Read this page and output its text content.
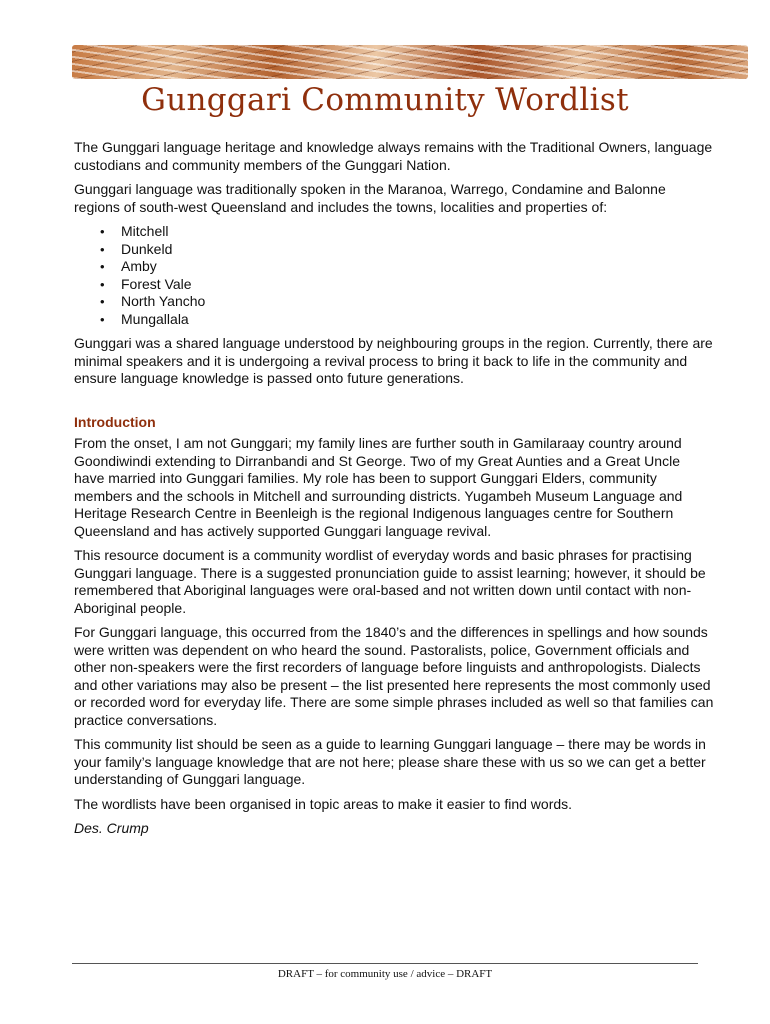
Gunggari Community Wordlist

The Gunggari language heritage and knowledge always remains with the Traditional Owners, language custodians and community members of the Gunggari Nation.

Gunggari language was traditionally spoken in the Maranoa, Warrego, Condamine and Balonne regions of south-west Queensland and includes the towns, localities and properties of:

• Mitchell
• Dunkeld
• Amby
• Forest Vale
• North Yancho
• Mungallala

Gunggari was a shared language understood by neighbouring groups in the region. Currently, there are minimal speakers and it is undergoing a revival process to bring it back to life in the community and ensure language knowledge is passed onto future generations.

Introduction

From the onset, I am not Gunggari; my family lines are further south in Gamilaraay country around Goondiwindi extending to Dirranbandi and St George. Two of my Great Aunties and a Great Uncle have married into Gunggari families. My role has been to support Gunggari Elders, community members and the schools in Mitchell and surrounding districts. Yugambeh Museum Language and Heritage Research Centre in Beenleigh is the regional Indigenous languages centre for Southern Queensland and has actively supported Gunggari language revival.

This resource document is a community wordlist of everyday words and basic phrases for practising Gunggari language. There is a suggested pronunciation guide to assist learning; however, it should be remembered that Aboriginal languages were oral-based and not written down until contact with non-Aboriginal people.

For Gunggari language, this occurred from the 1840’s and the differences in spellings and how sounds were written was dependent on who heard the sound. Pastoralists, police, Government officials and other non-speakers were the first recorders of language before linguists and anthropologists. Dialects and other variations may also be present – the list presented here represents the most commonly used or recorded word for everyday life. There are some simple phrases included as well so that families can practice conversations.

This community list should be seen as a guide to learning Gunggari language – there may be words in your family’s language knowledge that are not here; please share these with us so we can get a better understanding of Gunggari language.

The wordlists have been organised in topic areas to make it easier to find words.

Des. Crump

DRAFT – for community use / advice – DRAFT
